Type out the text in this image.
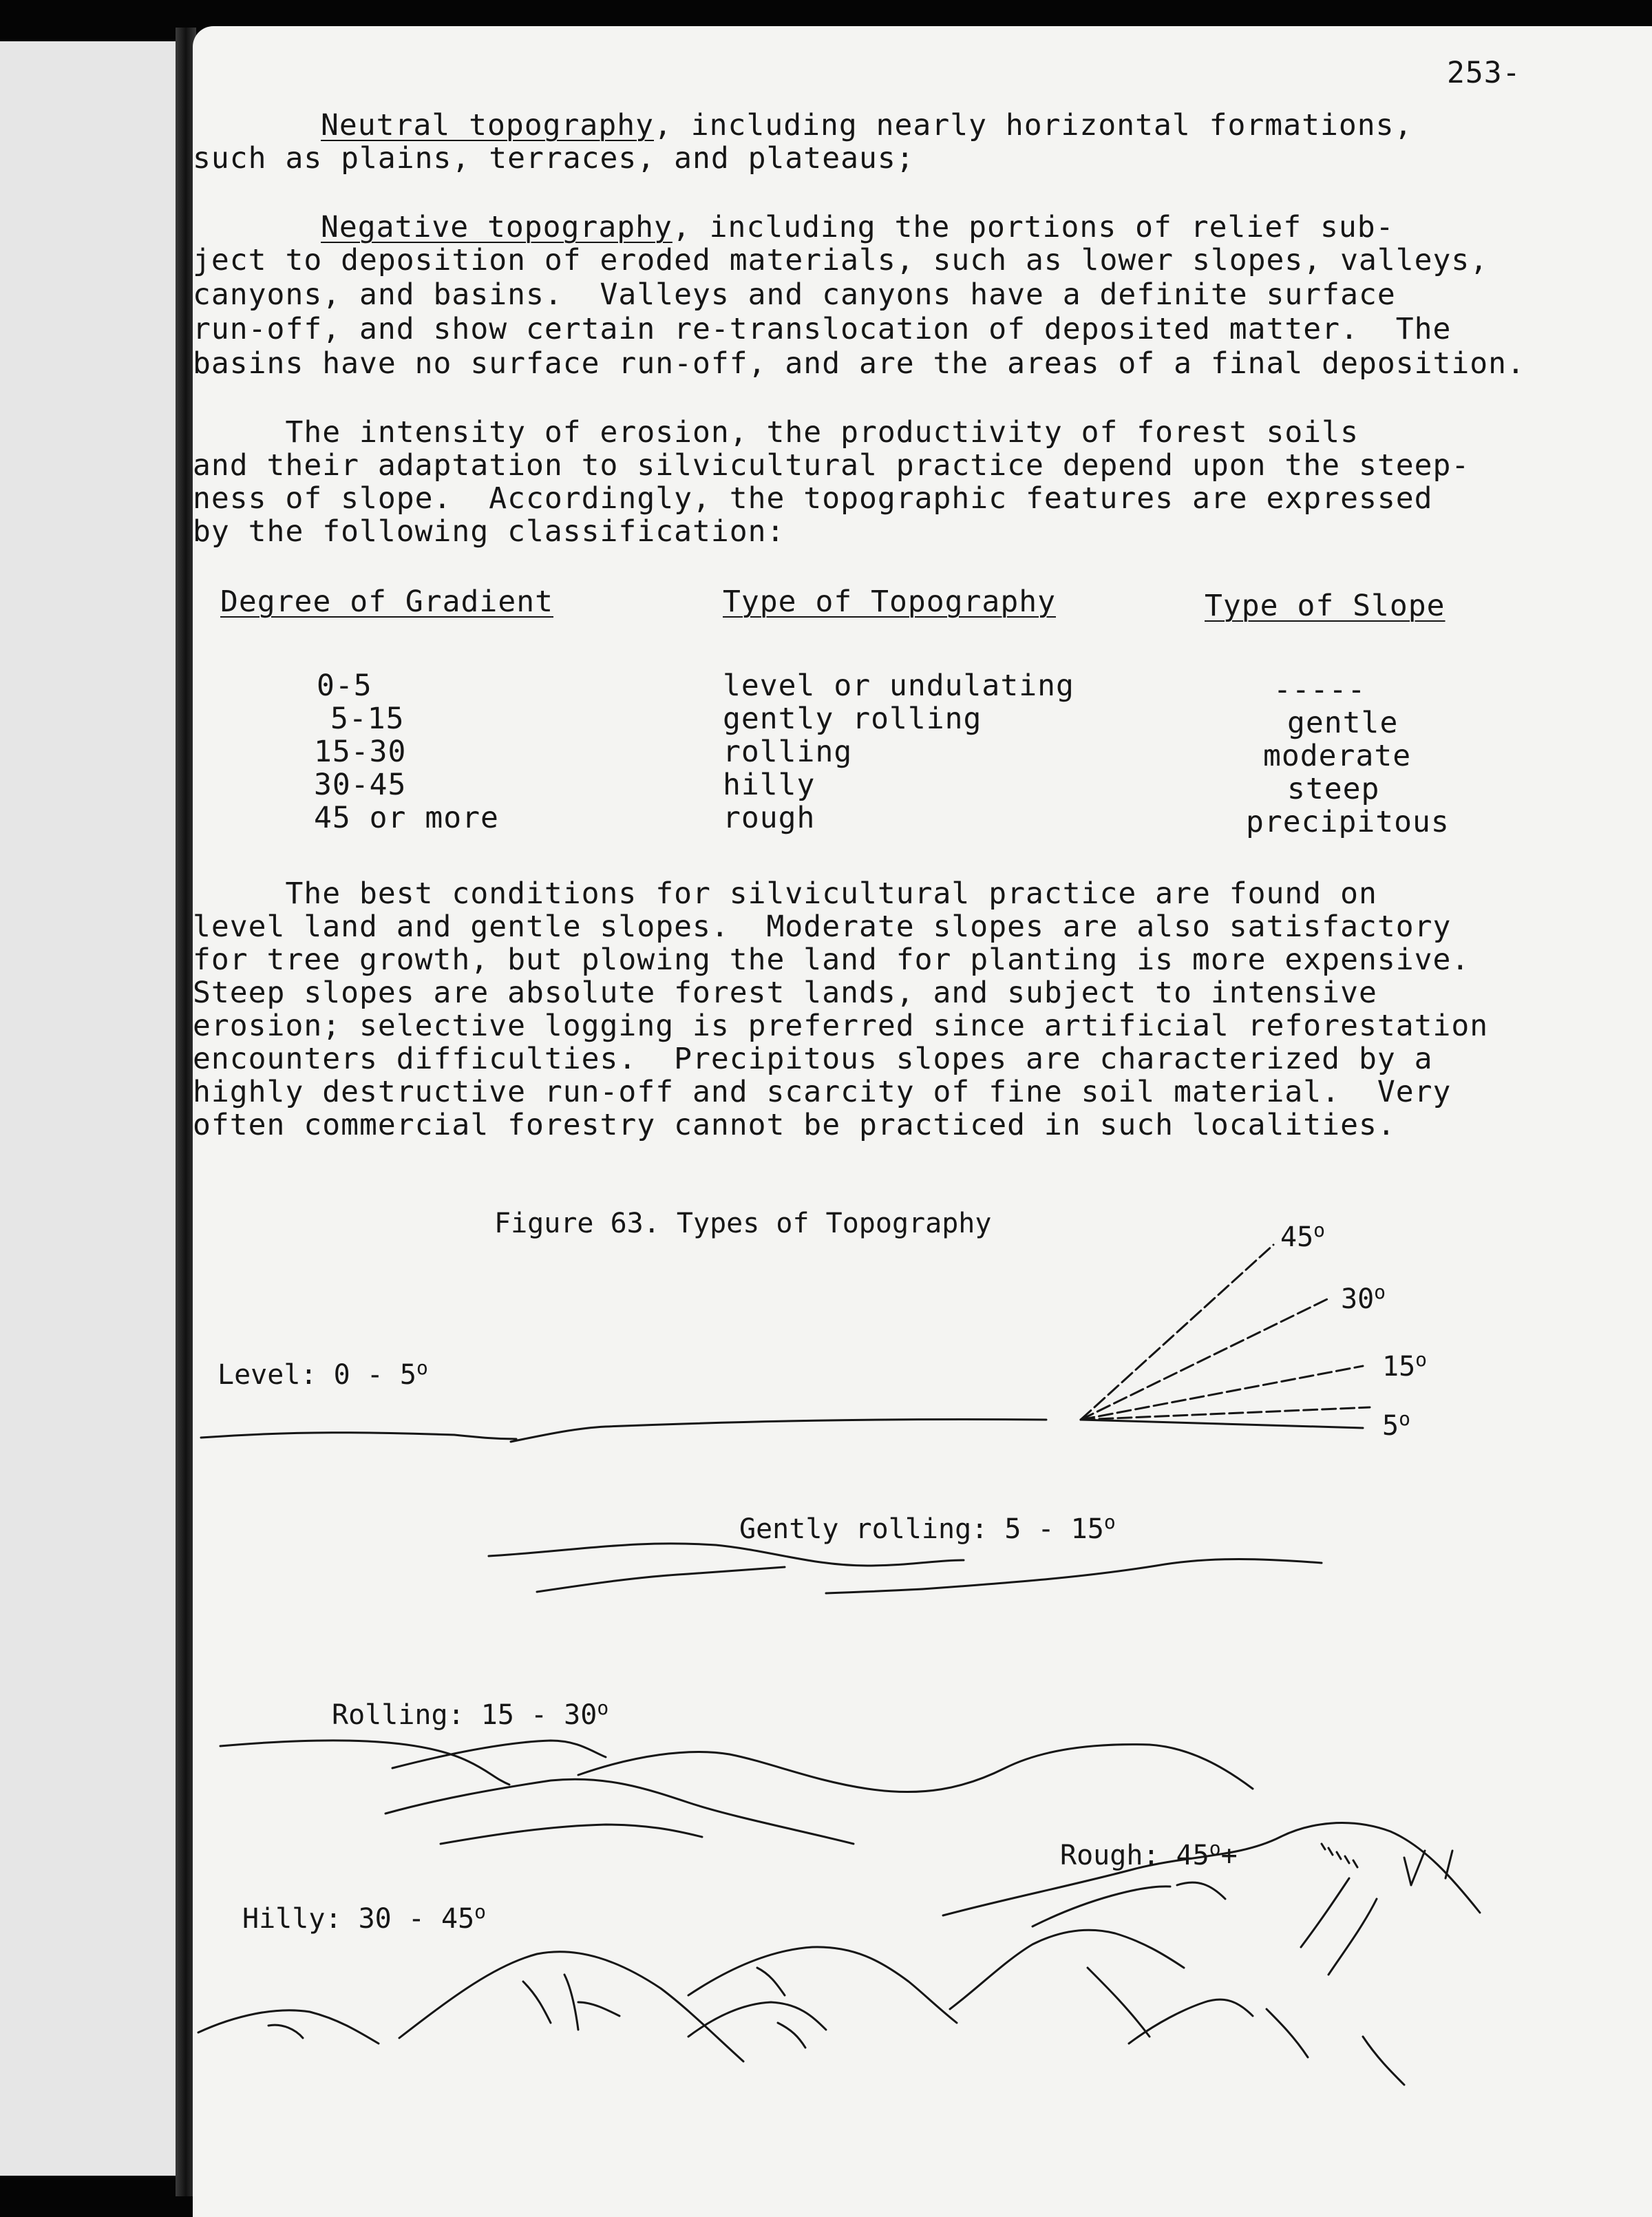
253-
Neutral topography, including nearly horizontal formations,
such as plains, terraces, and plateaus;
Negative topography, including the portions of relief sub-
ject to deposition of eroded materials, such as lower slopes, valleys,
canyons, and basins.  Valleys and canyons have a definite surface
run-off, and show certain re-translocation of deposited matter.  The
basins have no surface run-off, and are the areas of a final deposition.
The intensity of erosion, the productivity of forest soils
and their adaptation to silvicultural practice depend upon the steep-
ness of slope.  Accordingly, the topographic features are expressed
by the following classification:
Degree of Gradient	Type of Topography	Type of Slope
0-5	level or undulating	-----
5-15	gently rolling	gentle
15-30	rolling	moderate
30-45	hilly	steep
45 or more	rough	precipitous
The best conditions for silvicultural practice are found on
level land and gentle slopes.  Moderate slopes are also satisfactory
for tree growth, but plowing the land for planting is more expensive.
Steep slopes are absolute forest lands, and subject to intensive
erosion; selective logging is preferred since artificial reforestation
encounters difficulties.  Precipitous slopes are characterized by a
highly destructive run-off and scarcity of fine soil material.  Very
often commercial forestry cannot be practiced in such localities.
Figure 63. Types of Topography	45$^o$
30$^o$
15$^o$
5$^o$
Level: 0 - 5$^o$
Gently rolling: 5 - 15$^o$
Rolling: 15 - 30$^o$
Rough: $45^o+$
Hilly: 30 - 45$^o$
